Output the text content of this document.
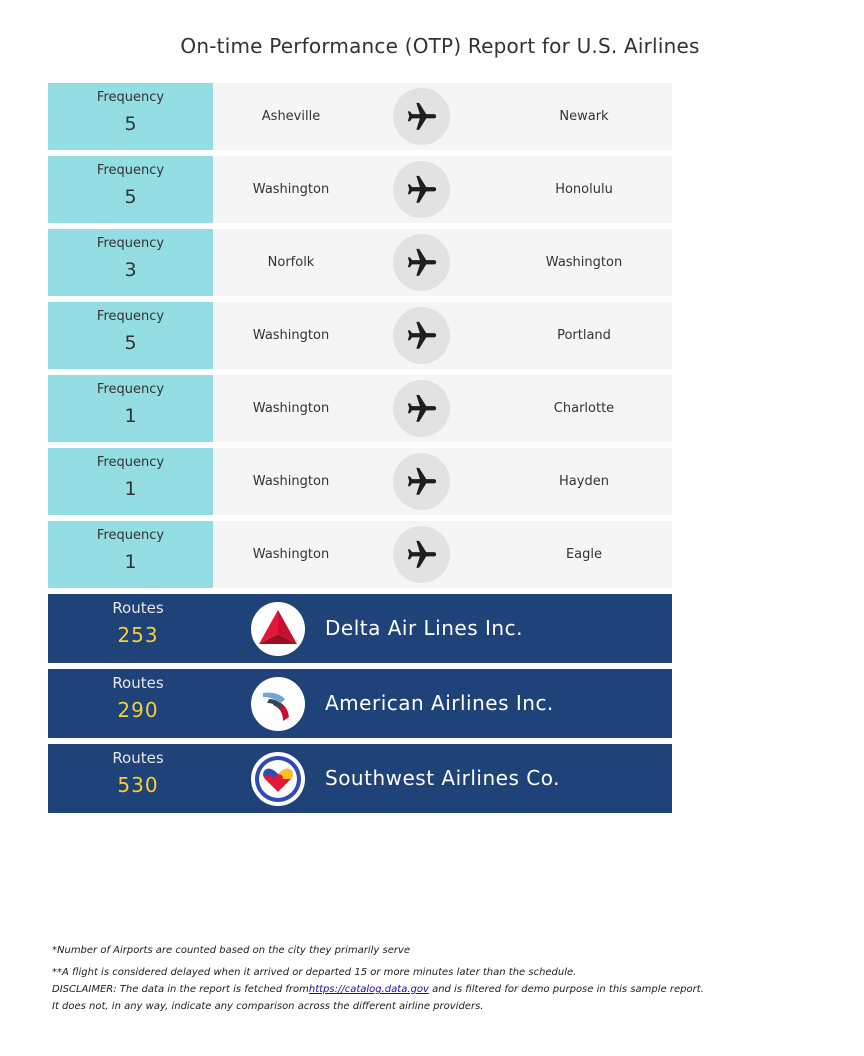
On-time Performance (OTP) Report for U.S. Airlines
Frequency
5	Asheville	Newark
Frequency
5	Washington	Honolulu
Frequency
3	Norfolk	Washington
Frequency
5	Washington	Portland
Frequency
1	Washington	Charlotte
Frequency
1	Washington	Hayden
Frequency
1	Washington	Eagle
Routes
253	Delta Air Lines Inc.
Routes
290	American Airlines Inc.
Routes
530	Southwest Airlines Co.

*Number of Airports are counted based on the city they primarily serve

**A flight is considered delayed when it arrived or departed 15 or more minutes later than the schedule.

DISCLAIMER: The data in the report is fetched fromhttps://catalog.data.gov and is filtered for demo purpose in this sample report.

It does not, in any way, indicate any comparison across the different airline providers.
